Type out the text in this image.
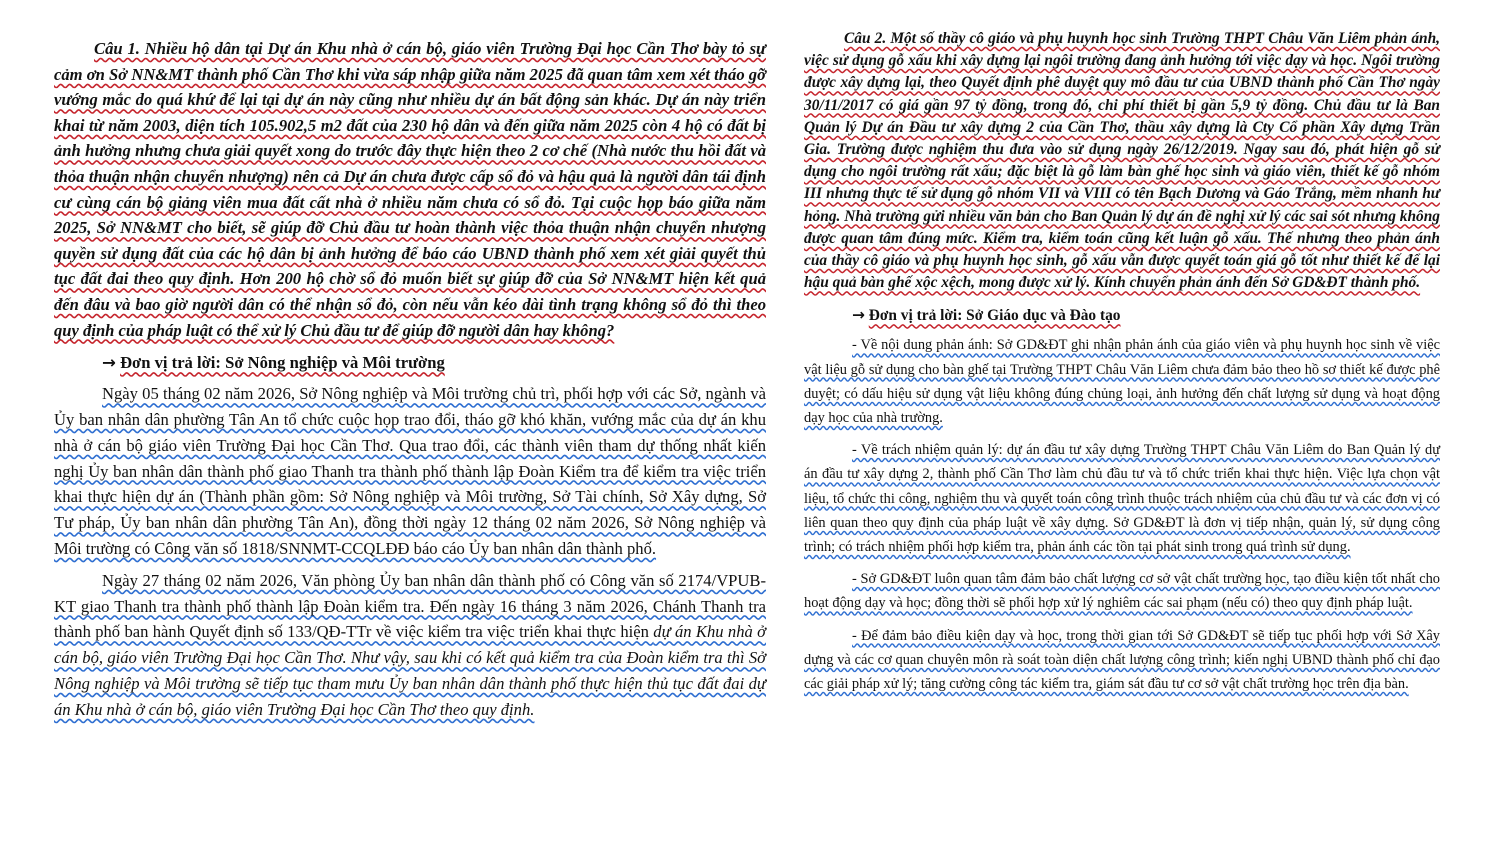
Câu 1. Nhiều hộ dân tại Dự án Khu nhà ở cán bộ, giáo viên Trường Đại học Cần Thơ bày tỏ sự cảm ơn Sở NN&MT thành phố Cần Thơ khi vừa sáp nhập giữa năm 2025 đã quan tâm xem xét tháo gỡ vướng mắc do quá khứ để lại tại dự án này cũng như nhiều dự án bất động sản khác. Dự án này triển khai từ năm 2003, diện tích 105.902,5 m2 đất của 230 hộ dân và đến giữa năm 2025 còn 4 hộ có đất bị ảnh hưởng nhưng chưa giải quyết xong do trước đây thực hiện theo 2 cơ chế (Nhà nước thu hồi đất và thỏa thuận nhận chuyển nhượng) nên cả Dự án chưa được cấp sổ đỏ và hậu quả là người dân tái định cư cùng cán bộ giảng viên mua đất cất nhà ở nhiều năm chưa có sổ đỏ. Tại cuộc họp báo giữa năm 2025, Sở NN&MT cho biết, sẽ giúp đỡ Chủ đầu tư hoàn thành việc thỏa thuận nhận chuyển nhượng quyền sử dụng đất của các hộ dân bị ảnh hưởng để báo cáo UBND thành phố xem xét giải quyết thủ tục đất đai theo quy định. Hơn 200 hộ chờ sổ đỏ muốn biết sự giúp đỡ của Sở NN&MT hiện kết quả đến đâu và bao giờ người dân có thể nhận sổ đỏ, còn nếu vẫn kéo dài tình trạng không sổ đỏ thì theo quy định của pháp luật có thể xử lý Chủ đầu tư để giúp đỡ người dân hay không?

→ Đơn vị trả lời: Sở Nông nghiệp và Môi trường

Ngày 05 tháng 02 năm 2026, Sở Nông nghiệp và Môi trường chủ trì, phối hợp với các Sở, ngành và Ủy ban nhân dân phường Tân An tổ chức cuộc họp trao đổi, tháo gỡ khó khăn, vướng mắc của dự án khu nhà ở cán bộ giáo viên Trường Đại học Cần Thơ. Qua trao đổi, các thành viên tham dự thống nhất kiến nghị Ủy ban nhân dân thành phố giao Thanh tra thành phố thành lập Đoàn Kiểm tra để kiểm tra việc triển khai thực hiện dự án (Thành phần gồm: Sở Nông nghiệp và Môi trường, Sở Tài chính, Sở Xây dựng, Sở Tư pháp, Ủy ban nhân dân phường Tân An), đồng thời ngày 12 tháng 02 năm 2026, Sở Nông nghiệp và Môi trường có Công văn số 1818/SNNMT-CCQLĐĐ báo cáo Ủy ban nhân dân thành phố.

Ngày 27 tháng 02 năm 2026, Văn phòng Ủy ban nhân dân thành phố có Công văn số 2174/VPUB-KT giao Thanh tra thành phố thành lập Đoàn kiểm tra. Đến ngày 16 tháng 3 năm 2026, Chánh Thanh tra thành phố ban hành Quyết định số 133/QĐ-TTr về việc kiểm tra việc triển khai thực hiện dự án Khu nhà ở cán bộ, giáo viên Trường Đại học Cần Thơ. Như vậy, sau khi có kết quả kiểm tra của Đoàn kiểm tra thì Sở Nông nghiệp và Môi trường sẽ tiếp tục tham mưu Ủy ban nhân dân thành phố thực hiện thủ tục đất đai dự án Khu nhà ở cán bộ, giáo viên Trường Đại học Cần Thơ theo quy định.

Câu 2. Một số thầy cô giáo và phụ huynh học sinh Trường THPT Châu Văn Liêm phản ánh, việc sử dụng gỗ xấu khi xây dựng lại ngôi trường đang ảnh hưởng tới việc dạy và học. Ngôi trường được xây dựng lại, theo Quyết định phê duyệt quy mô đầu tư của UBND thành phố Cần Thơ ngày 30/11/2017 có giá gần 97 tỷ đồng, trong đó, chi phí thiết bị gần 5,9 tỷ đồng. Chủ đầu tư là Ban Quản lý Dự án Đầu tư xây dựng 2 của Cần Thơ, thầu xây dựng là Cty Cổ phần Xây dựng Trần Gia. Trường được nghiệm thu đưa vào sử dụng ngày 26/12/2019. Ngay sau đó, phát hiện gỗ sử dụng cho ngôi trường rất xấu; đặc biệt là gỗ làm bàn ghế học sinh và giáo viên, thiết kế gỗ nhóm III nhưng thực tế sử dụng gỗ nhóm VII và VIII có tên Bạch Dương và Gáo Trắng, mềm nhanh hư hỏng. Nhà trường gửi nhiều văn bản cho Ban Quản lý dự án đề nghị xử lý các sai sót nhưng không được quan tâm đúng mức. Kiểm tra, kiểm toán cũng kết luận gỗ xấu. Thế nhưng theo phản ánh của thầy cô giáo và phụ huynh học sinh, gỗ xấu vẫn được quyết toán giá gỗ tốt như thiết kế để lại hậu quả bàn ghế xộc xệch, mong được xử lý. Kính chuyển phản ánh đến Sở GD&ĐT thành phố.

→ Đơn vị trả lời: Sở Giáo dục và Đào tạo

- Về nội dung phản ánh: Sở GD&ĐT ghi nhận phản ánh của giáo viên và phụ huynh học sinh về việc vật liệu gỗ sử dụng cho bàn ghế tại Trường THPT Châu Văn Liêm chưa đảm bảo theo hồ sơ thiết kế được phê duyệt; có dấu hiệu sử dụng vật liệu không đúng chủng loại, ảnh hưởng đến chất lượng sử dụng và hoạt động dạy học của nhà trường.

- Về trách nhiệm quản lý: dự án đầu tư xây dựng Trường THPT Châu Văn Liêm do Ban Quản lý dự án đầu tư xây dựng 2, thành phố Cần Thơ làm chủ đầu tư và tổ chức triển khai thực hiện. Việc lựa chọn vật liệu, tổ chức thi công, nghiệm thu và quyết toán công trình thuộc trách nhiệm của chủ đầu tư và các đơn vị có liên quan theo quy định của pháp luật về xây dựng. Sở GD&ĐT là đơn vị tiếp nhận, quản lý, sử dụng công trình; có trách nhiệm phối hợp kiểm tra, phản ánh các tồn tại phát sinh trong quá trình sử dụng.

- Sở GD&ĐT luôn quan tâm đảm bảo chất lượng cơ sở vật chất trường học, tạo điều kiện tốt nhất cho hoạt động dạy và học; đồng thời sẽ phối hợp xử lý nghiêm các sai phạm (nếu có) theo quy định pháp luật.

- Để đảm bảo điều kiện dạy và học, trong thời gian tới Sở GD&ĐT sẽ tiếp tục phối hợp với Sở Xây dựng và các cơ quan chuyên môn rà soát toàn diện chất lượng công trình; kiến nghị UBND thành phố chỉ đạo các giải pháp xử lý; tăng cường công tác kiểm tra, giám sát đầu tư cơ sở vật chất trường học trên địa bàn.
